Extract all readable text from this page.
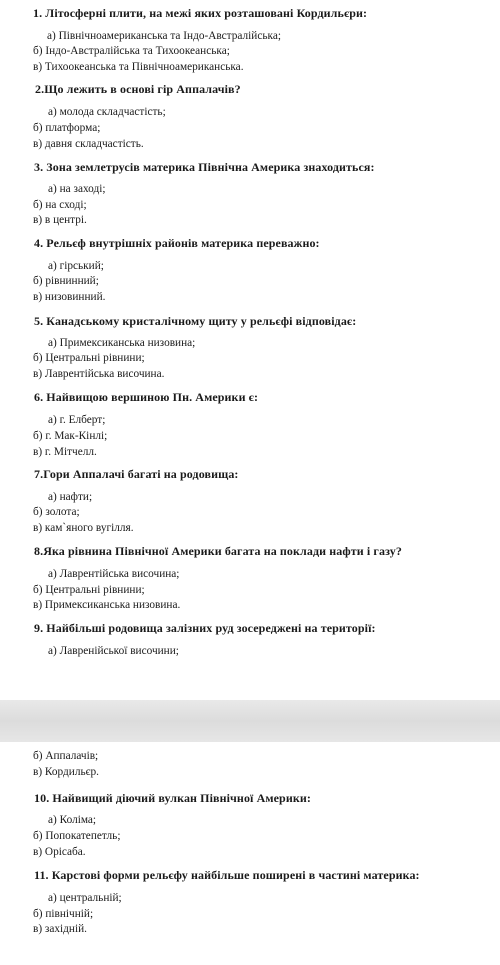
1. Літосферні плити, на межі яких розташовані Кордильєри:
а) Північноамериканська та Індо-Австралійська;
б) Індо-Австралійська та Тихоокеанська;
в) Тихоокеанська та Північноамериканська.
2.Що лежить в основі гір Аппалачів?
а) молода складчастість;
б) платформа;
в) давня складчастість.
3. Зона землетрусів материка Північна Америка знаходиться:
а) на заході;
б) на сході;
в) в центрі.
4. Рельєф внутрішніх районів материка переважно:
а) гірський;
б) рівнинний;
в) низовинний.
5. Канадському кристалічному щиту у рельєфі відповідає:
а) Примексиканська низовина;
б) Центральні рівнини;
в) Лаврентійська височина.
6. Найвищою вершиною Пн. Америки є:
а) г. Елберт;
б) г. Мак-Кінлі;
в) г. Мітчелл.
7.Гори Аппалачі багаті на родовища:
а) нафти;
б) золота;
в) кам`яного вугілля.
8.Яка рівнина Північної Америки багата на поклади нафти і газу?
а) Лаврентійська височина;
б) Центральні рівнини;
в) Примексиканська низовина.
9. Найбільші родовища залізних руд зосереджені на території:
а) Лавренійської височини;
б) Аппалачів;
в) Кордильєр.
10. Найвищий діючий вулкан Північної Америки:
а) Коліма;
б) Попокатепетль;
в) Орісаба.
11. Карстові форми рельєфу найбільше поширені в частині материка:
а) центральній;
б) північній;
в) західній.
